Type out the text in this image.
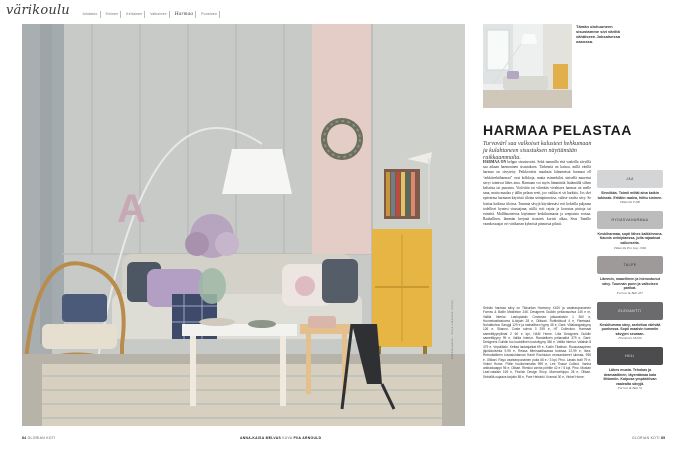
värikoulu	Johdanto	Sininen	Keltainen	Valkoinen	Harmaa	Punainen
A
Ellekleopatra · Kuva Liselotte Vostry
Tämän olohuoneen sisustamme sivi väriltä vähäiseen Joksaisessa oasossa.
HARMAA PELASTAA
Turvavärî saa valkoiset kalusteet hehkumaan ja kulahtaneen sisustuksen näyttämään raikkaammalta.
HARMAA ON helppo sisustusväri. Sekä tummilla että vaaleilla sävyillä saa aikaan harmoninen sisustuksen. Tärkeintä on katsoa, millä värillä harmaa on sävytetty. Peikkoväräs maalasta lalmenetsat harmaat ell “arkkiteehtiharmaa” ovat kolkkoja, mutta esimerkiksi sinisellä murretut sävyt toimivat lähes aina. Harmaan voi myös lämmittää lisäämällä siihen keltaista tai punaista. Violettiin tai vihreään vivahtava harmaa on melle sana, mutta maalaa y tällin pelaan seeit, joo vaikka ei sis harkitts. Jos olet epävarma harmaan käytöstä tiloina seinäpinnoissa, valitse vaalea sävy. Se loistaa kaikissa tiloissa. Tummia sävyjä käyttäessäsi voit kokeilla paljaana todelliset kyntesi sisustajana; niillä voit rajata ja korostaa pintoja tai esineitä. Mallihuoneessa käytimme keskiharmaata ja seepiaista roosaa. Raahallisen, lämmän kerjonä sisusteis koristi alkaa, Seas Tamille vaankossaajat ovi värikartan kylmistä pinnoista pilasti.
Seinän harmaa sävy on Tikkurilan Harmony X420 ja vaaleanpunainen Farrow & Ballin Middleton 245. Designers Guildin pellavasohva 145 e m, Vallila Interior. Lastuplastic Costanza jalkavalaisin 1 360 e, Huonekasitasiovea A-kirjain 28 e, Oliksari. Rottinkituoli 4 e, Fleetstad. Nohattuihuo Sanggi 129 e ja raahallisen tyyny 45 e, Gant. Villakangastyyny 126 e, Skanno. Coste sohva 3 295 e, HT Collection. Harmaat samettityynyliinat 2 60 e kpl, H&M Home. Lilla Designers Guildin samettityyny 99 e, Vallila Interior. Randallinen pellavatiivi 379 e, Gant. Designers Guildin tuo kudoillinen kuvioityyny 350 e, Vallila Interior. Valaisin 8 379 e, Vepollitalo. Keltaa lautasjalkat 69 e, Kodin Tilatinan. Ruusukaapinen jäpökkuliveka 9,95 e. Reasa Mbrinaalihaassa turkissa 12,99 e, Ikea. Retrodiatiinen kuvasiohtanuot Hantr Rochtuum nevaantoireet lukmaa, 995 e. Oliikari. Rayo vaaleanpunainen puita 65 e / 3 kpl, Pino. Lassis butil 79 e, Vinkel Home. Pöllin huoltoimmatta 999 e, Lee Tissue Collect. Vanha arkistokaappi 96 e, Olikari. Riestiui vanha pöhtile 42 e / 5 kpl, Pino. Mustan Leaf-valaisin 169 e, Finnish Design Shop. Marmorikippo 28 e, Olikari. Seinällä oujaava tarjotin 85 e, Pore Helsinki. Kranssi 30 e, Vinkel Home.
JÄÄ
Sinniikäs. Toimii miltäi aina kaikin tukisrak. Eritäiin raalea, hiittu sininen.
Tikkurila F490
RYDÄSVAHARMAA
Keskiharmaa, sopii lähes kaikkinrona. Kaunis oviniplaessa, jolla rajaaksat valkoiselta.
Tikkurila Pro Gay 1966
TALPE
Lämmin, maaellinen ja hienostunut sävy. Tuunnan punn ja valkoisen parikat.
Farrow & Ball 267
ELEGANTTI
Keskitumma sävy, asriottua värivää punkessa. Sopii maalsin tummiin sävyjen seuraan.
Flammurt SE200
HIILI
Lähes musta. Tehokas ja dramaattinen, täyentämaa kala lilttumiin. Kalposa ympäröiivan vaalealta sävyjä.
Farrow & Ball 31
84 GLORIAN KOTI	ANNA-KAISA MELVAS KUVA PIIA ARNOULD	GLORIAN KOTI 85
